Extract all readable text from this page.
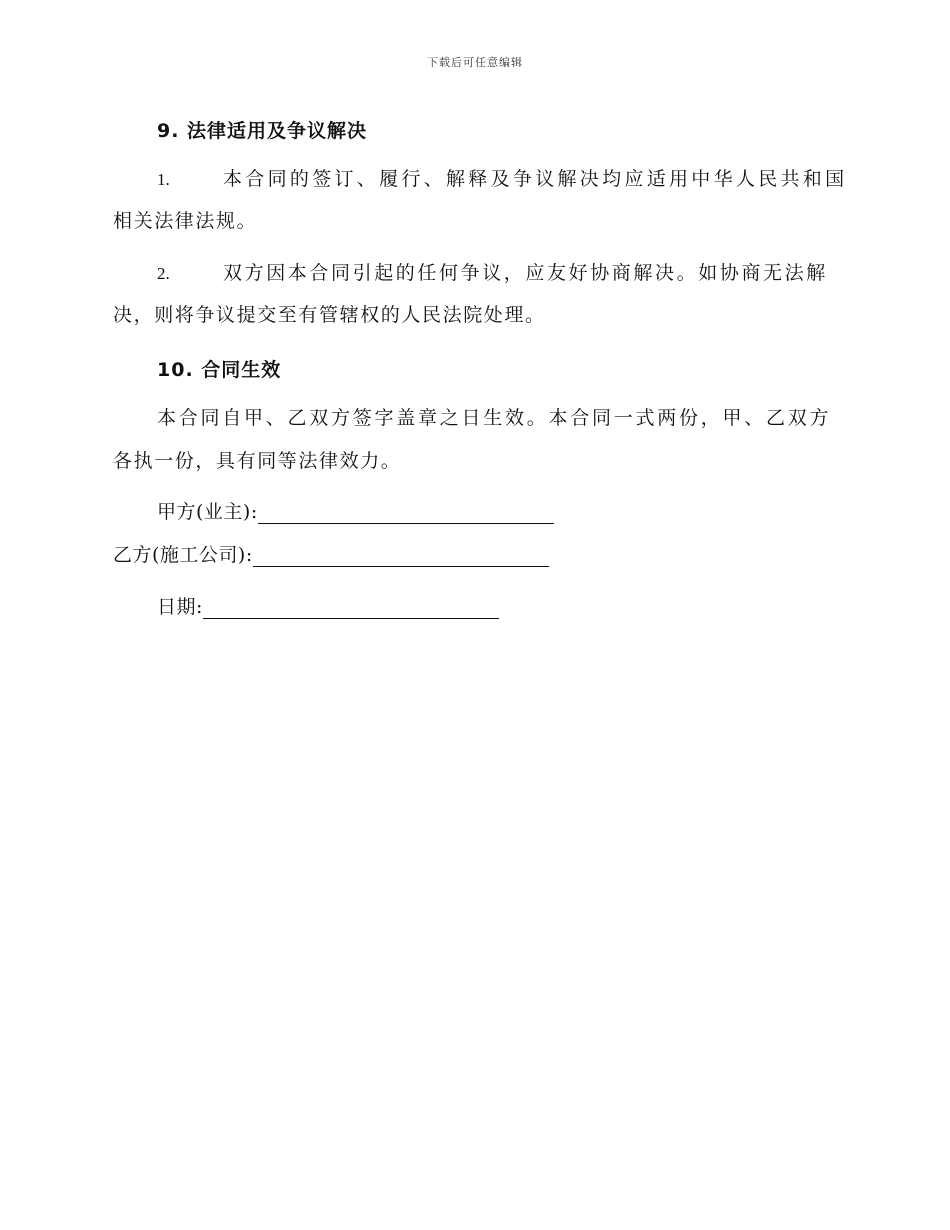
下载后可任意编辑
9. 法律适用及争议解决
1.	本合同的签订、履行、解释及争议解决均应适用中华人民共和国
相关法律法规。
2.	双方因本合同引起的任何争议，应友好协商解决。如协商无法解
决，则将争议提交至有管辖权的人民法院处理。
10. 合同生效
本合同自甲、乙双方签字盖章之日生效。本合同一式两份，甲、乙双方
各执一份，具有同等法律效力。
甲方(业主):
乙方(施工公司):
日期:
